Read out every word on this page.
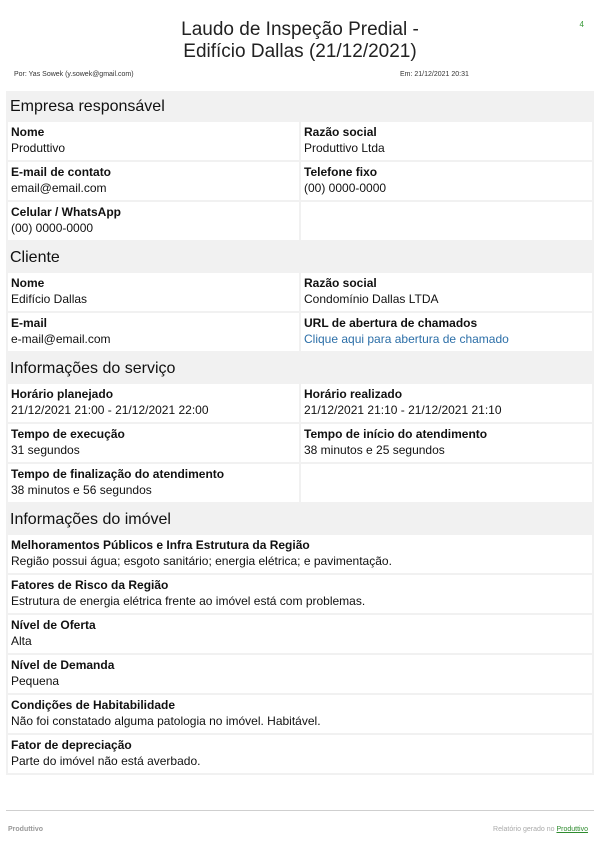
4
Laudo de Inspeção Predial -
Edifício Dallas (21/12/2021)
Por: Yas Sowek (y.sowek@gmail.com)	Em: 21/12/2021 20:31
Empresa responsável
Nome
Produttivo
Razão social
Produttivo Ltda
E-mail de contato
email@email.com
Telefone fixo
(00) 0000-0000
Celular / WhatsApp
(00) 0000-0000
Cliente
Nome
Edifício Dallas
Razão social
Condomínio Dallas LTDA
E-mail
e-mail@email.com
URL de abertura de chamados
Clique aqui para abertura de chamado
Informações do serviço
Horário planejado
21/12/2021 21:00 - 21/12/2021 22:00
Horário realizado
21/12/2021 21:10 - 21/12/2021 21:10
Tempo de execução
31 segundos
Tempo de início do atendimento
38 minutos e 25 segundos
Tempo de finalização do atendimento
38 minutos e 56 segundos
Informações do imóvel
Melhoramentos Públicos e Infra Estrutura da Região
Região possui água; esgoto sanitário; energia elétrica; e pavimentação.
Fatores de Risco da Região
Estrutura de energia elétrica frente ao imóvel está com problemas.
Nível de Oferta
Alta
Nível de Demanda
Pequena
Condições de Habitabilidade
Não foi constatado alguma patologia no imóvel. Habitável.
Fator de depreciação
Parte do imóvel não está averbado.
Produttivo	Relatório gerado no Produttivo
